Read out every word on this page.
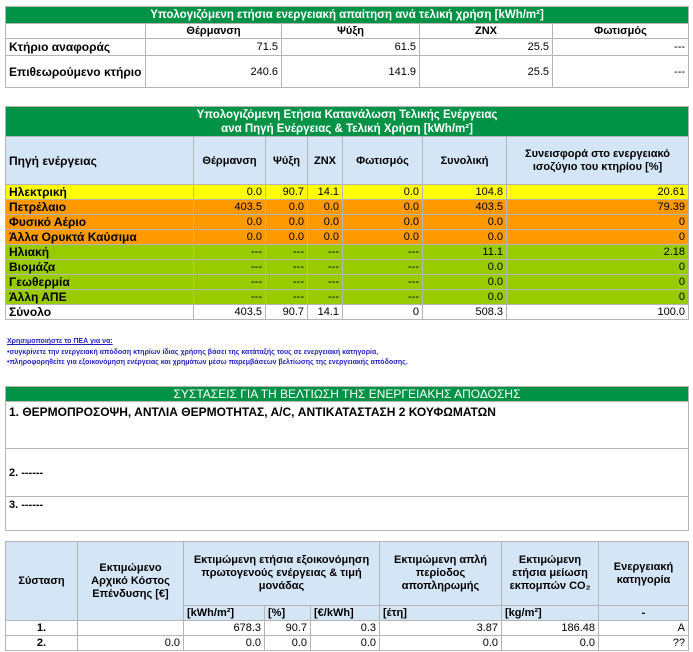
Υπολογιζόμενη ετήσια ενεργειακή απαίτηση ανά τελική χρήση [kWh/m²]				
	Θέρμανση	Ψύξη	ZNX	Φωτισμός
Κτήριο αναφοράς	71.5	61.5	25.5	---
Επιθεωρούμενο κτήριο	240.6	141.9	25.5	---
Υπολογιζόμενη Ετήσια Κατανάλωση Τελικής Ενέργειας
ανα Πηγή Ενέργειας & Τελική Χρήση [kWh/m²]						

Πηγή ενέργειας	Θέρμανση	Ψύξη	ZNX	Φωτισμός	Συνολική	Συνεισφορά στο ενεργειακό ισοζύγιο του κτηρίου [%]
Ηλεκτρική	0.0	90.7	14.1	0.0	104.8	20.61
Πετρέλαιο	403.5	0.0	0.0	0.0	403.5	79.39
Φυσικό Αέριο	0.0	0.0	0.0	0.0	0.0	0
Άλλα Ορυκτά Καύσιμα	0.0	0.0	0.0	0.0	0.0	0
Ηλιακή	---	---	---	---	11.1	2.18
Βιομάζα	---	---	---	---	0.0	0
Γεωθερμία	---	---	---	---	0.0	0
Άλλη ΑΠΕ	---	---	---	---	0.0	0
Σύνολο	403.5	90.7	14.1	0	508.3	100.0
Χρησιμοποιήστε το ΠΕΑ για να:
•συγκρίνετε την ενεργειακή απόδοση κτηρίων ίδιας χρήσης βάσει της κατάταξής τους σε ενεργειακή κατηγορία,
•πληροφορηθείτε για εξοικονόμηση ενέργειας και χρημάτων μέσω παρεμβάσεων βελτίωσης της ενεργειακής απόδοσης.
ΣΥΣΤΑΣΕΙΣ ΓΙΑ ΤΗ ΒΕΛΤΙΩΣΗ ΤΗΣ ΕΝΕΡΓΕΙΑΚΗΣ ΑΠΟΔΟΣΗΣ
1. ΘΕΡΜΟΠΡΟΣΟΨΗ, ΑΝΤΛΙΑ ΘΕΡΜΟΤΗΤΑΣ, Α/C, ΑΝΤΙΚΑΤΑΣΤΑΣΗ 2 ΚΟΥΦΩΜΑΤΩΝ
2. ------
3. ------
Σύσταση	Εκτιμώμενο Αρχικό Κόστος Επένδυσης [€]	Εκτιμώμενη ετήσια εξοικονόμηση πρωτογενούς ενέργειας & τιμή μονάδας			Εκτιμώμενη απλή περίοδος αποπληρωμής	Εκτιμώμενη ετήσια μείωση εκπομπών CO₂	Ενεργειακή κατηγορία
		[kWh/m²]	[%]	[€/kWh]	[έτη]	[kg/m²]	-
1.		678.3	90.7	0.3	3.87	186.48	A
2.	0.0	0.0	0.0	0.0	0.0	0.0	??
